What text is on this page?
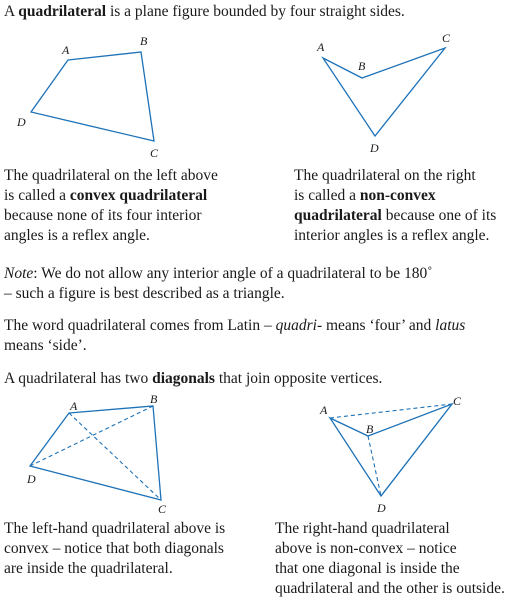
A quadrilateral is a plane figure bounded by four straight sides.

A
B
C
D
A
B
C
D
The quadrilateral on the left above
is called a convex quadrilateral
because none of its four interior
angles is a reflex angle.
The quadrilateral on the right
is called a non-convex
quadrilateral because one of its
interior angles is a reflex angle.
Note: We do not allow any interior angle of a quadrilateral to be 180˚
– such a figure is best described as a triangle.
The word quadrilateral comes from Latin – quadri- means ‘four’ and latus
means ‘side’.

A quadrilateral has two diagonals that join opposite vertices.

A	B
C
D
A
B
C
D
The left-hand quadrilateral above is
convex – notice that both diagonals
are inside the quadrilateral.
The right-hand quadrilateral
above is non-convex – notice
that one diagonal is inside the
quadrilateral and the other is outside.
